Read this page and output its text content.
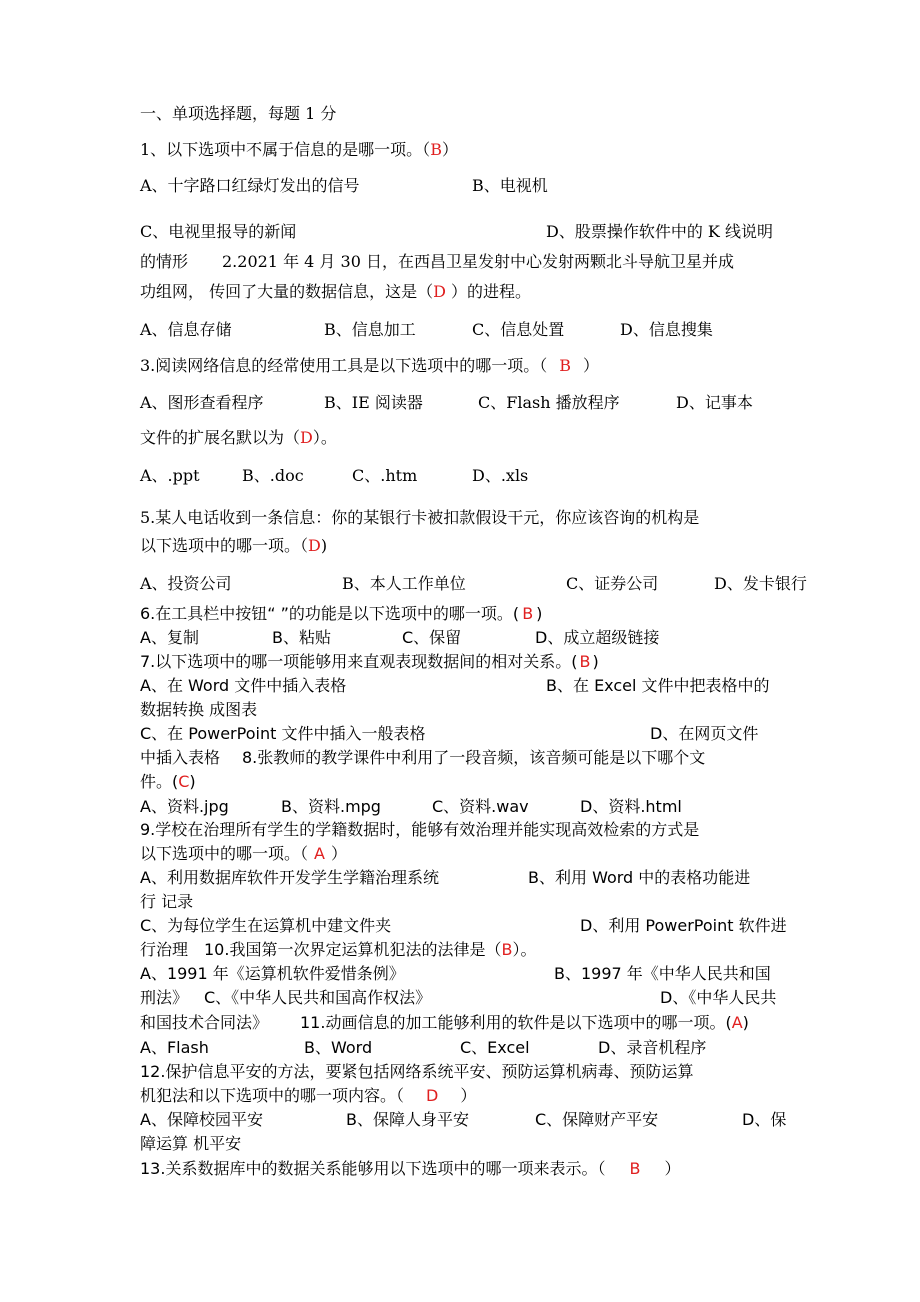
一、单项选择题，每题 1 分
1、以下选项中不属于信息的是哪一项。（B）
A、十字路口红绿灯发出的信号	B、电视机
C、电视里报导的新闻	D、股票操作软件中的 K 线说明
的情形 2.2021 年 4 月 30 日，在西昌卫星发射中心发射两颗北斗导航卫星并成
功组网， 传回了大量的数据信息，这是（D ）的进程。
A、信息存储	B、信息加工	C、信息处置	D、信息搜集
3.阅读网络信息的经常使用工具是以下选项中的哪一项。（ B ）
A、图形查看程序	B、IE 阅读器	C、Flash 播放程序	D、记事本
文件的扩展名默以为（D）。
A、.ppt	B、.doc	C、.htm	D、.xls
5.某人电话收到一条信息：你的某银行卡被扣款假设干元，你应该咨询的机构是
以下选项中的哪一项。（D)
A、投资公司	B、本人工作单位	C、证券公司	D、发卡银行
6.在工具栏中按钮“ ”的功能是以下选项中的哪一项。( B )
A、复制	B、粘贴	C、保留	D、成立超级链接
7.以下选项中的哪一项能够用来直观表现数据间的相对关系。( B )
A、在 Word 文件中插入表格	B、在 Excel 文件中把表格中的
数据转换 成图表
C、在 PowerPoint 文件中插入一般表格	D、在网页文件
中插入表格 8.张教师的教学课件中利用了一段音频，该音频可能是以下哪个文
件。(C)
A、资料.jpg	B、资料.mpg	C、资料.wav	D、资料.html
9.学校在治理所有学生的学籍数据时，能够有效治理并能实现高效检索的方式是
以下选项中的哪一项。（ A ）
A、利用数据库软件开发学生学籍治理系统	B、利用 Word 中的表格功能进
行 记录
C、为每位学生在运算机中建文件夹	D、利用 PowerPoint 软件进
行治理 10.我国第一次界定运算机犯法的法律是（B）。
A、1991 年《运算机软件爱惜条例》	B、1997 年《中华人民共和国
刑法》 C、《中华人民共和国高作权法》	D、《中华人民共
和国技术合同法》 11.动画信息的加工能够利用的软件是以下选项中的哪一项。(A)
A、Flash	B、Word	C、Excel	D、录音机程序
12.保护信息平安的方法，要紧包括网络系统平安、预防运算机病毒、预防运算
机犯法和以下选项中的哪一项内容。（ D ）
A、保障校园平安	B、保障人身平安	C、保障财产平安	D、保
障运算 机平安
13.关系数据库中的数据关系能够用以下选项中的哪一项来表示。（ B ）
